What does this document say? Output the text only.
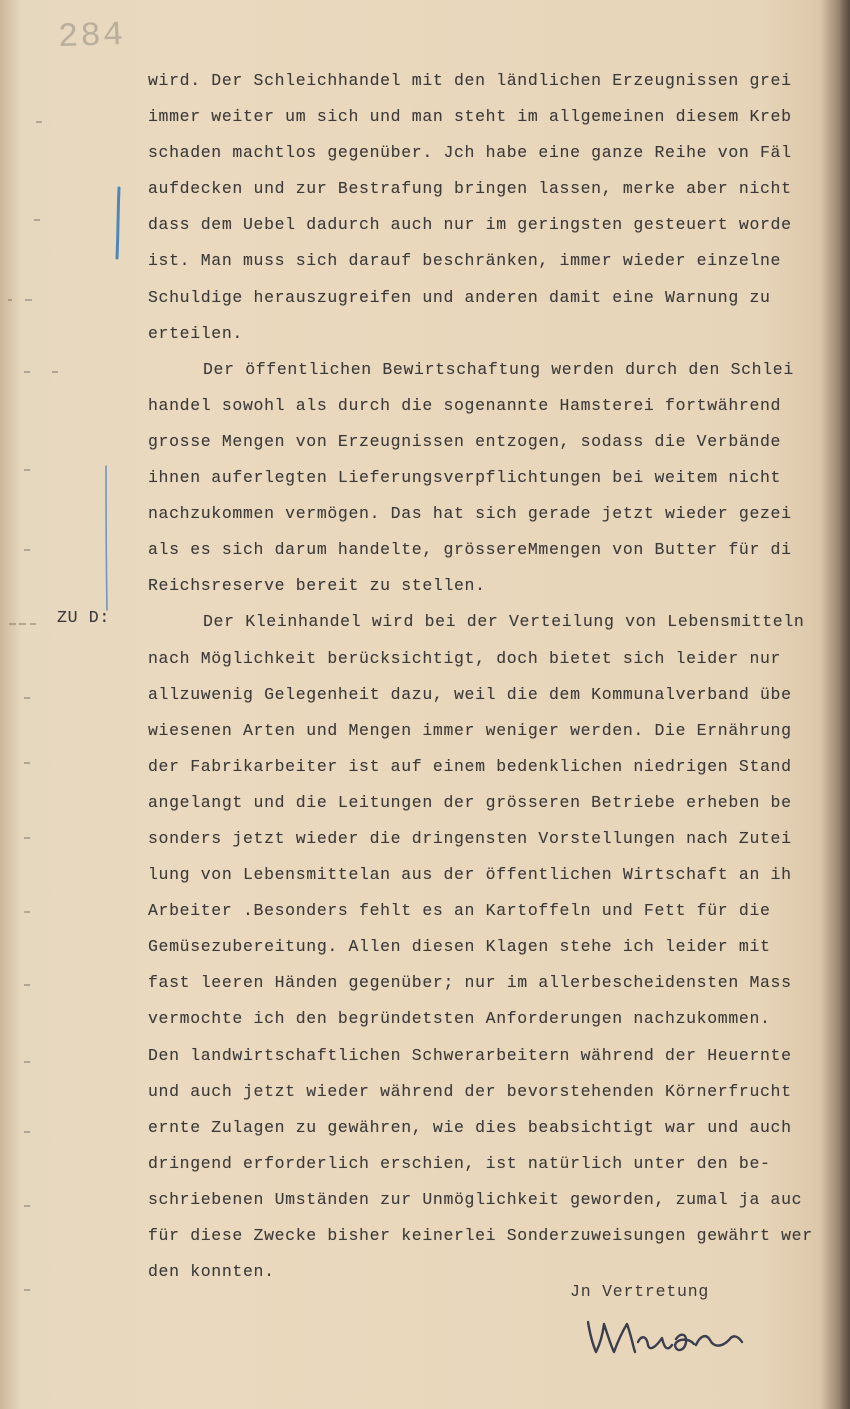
284
ZU D:
wird. Der Schleichhandel mit den ländlichen Erzeugnissen grei
immer weiter um sich und man steht im allgemeinen diesem Kreb
schaden machtlos gegenüber. Jch habe eine ganze Reihe von Fäl
aufdecken und zur Bestrafung bringen lassen, merke aber nicht
dass dem Uebel dadurch auch nur im geringsten gesteuert worde
ist. Man muss sich darauf beschränken, immer wieder einzelne
Schuldige herauszugreifen und anderen damit eine Warnung zu
erteilen.
Der öffentlichen Bewirtschaftung werden durch den Schlei
handel sowohl als durch die sogenannte Hamsterei fortwährend
grosse Mengen von Erzeugnissen entzogen, sodass die Verbände
ihnen auferlegten Lieferungsverpflichtungen bei weitem nicht
nachzukommen vermögen. Das hat sich gerade jetzt wieder gezei
als es sich darum handelte, grössereMmengen von Butter für di
Reichsreserve bereit zu stellen.
Der Kleinhandel wird bei der Verteilung von Lebensmitteln
nach Möglichkeit berücksichtigt, doch bietet sich leider nur
allzuwenig Gelegenheit dazu, weil die dem Kommunalverband übe
wiesenen Arten und Mengen immer weniger werden. Die Ernährung
der Fabrikarbeiter ist auf einem bedenklichen niedrigen Stand
angelangt und die Leitungen der grösseren Betriebe erheben be
sonders jetzt wieder die dringensten Vorstellungen nach Zutei
lung von Lebensmittelan aus der öffentlichen Wirtschaft an ih
Arbeiter .Besonders fehlt es an Kartoffeln und Fett für die
Gemüsezubereitung. Allen diesen Klagen stehe ich leider mit
fast leeren Händen gegenüber; nur im allerbescheidensten Mass
vermochte ich den begründetsten Anforderungen nachzukommen.
Den landwirtschaftlichen Schwerarbeitern während der Heuernte
und auch jetzt wieder während der bevorstehenden Körnerfrucht
ernte Zulagen zu gewähren, wie dies beabsichtigt war und auch
dringend erforderlich erschien, ist natürlich unter den be-
schriebenen Umständen zur Unmöglichkeit geworden, zumal ja auc
für diese Zwecke bisher keinerlei Sonderzuweisungen gewährt wer
den konnten.
Jn Vertretung
